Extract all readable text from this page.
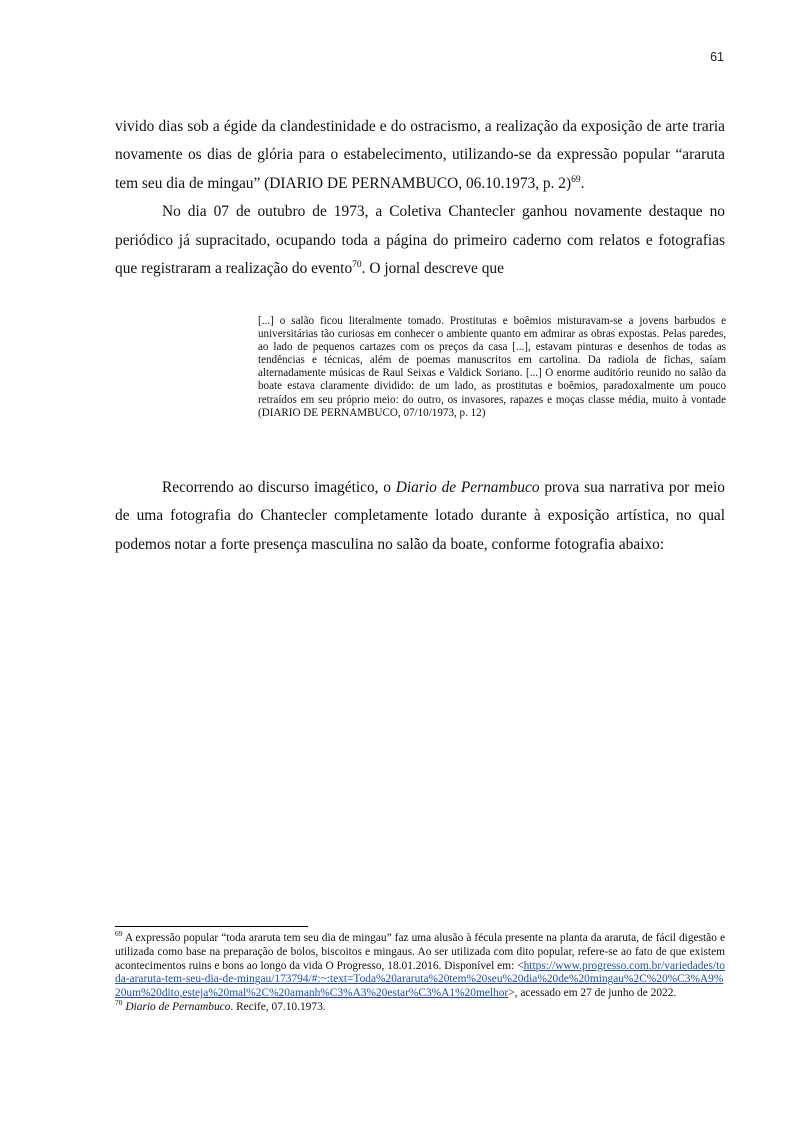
61

vivido dias sob a égide da clandestinidade e do ostracismo, a realização da exposição de arte traria novamente os dias de glória para o estabelecimento, utilizando-se da expressão popular “araruta tem seu dia de mingau” (DIARIO DE PERNAMBUCO, 06.10.1973, p. 2)$^{69}$.

No dia 07 de outubro de 1973, a Coletiva Chantecler ganhou novamente destaque no periódico já supracitado, ocupando toda a página do primeiro caderno com relatos e fotografias que registraram a realização do evento$^{70}$. O jornal descreve que

[...] o salão ficou literalmente tomado. Prostitutas e boêmios misturavam-se a jovens barbudos e universitárias tão curiosas em conhecer o ambiente quanto em admirar as obras expostas. Pelas paredes, ao lado de pequenos cartazes com os preços da casa [...], estavam pinturas e desenhos de todas as tendências e técnicas, além de poemas manuscritos em cartolina. Da radiola de fichas, saíam alternadamente músicas de Raul Seixas e Valdick Soriano. [...] O enorme auditório reunido no salão da boate estava claramente dividido: de um lado, as prostitutas e boêmios, paradoxalmente um pouco retraídos em seu próprio meio: do outro, os invasores, rapazes e moças classe média, muito à vontade (DIARIO DE PERNAMBUCO, 07/10/1973, p. 12)

Recorrendo ao discurso imagético, o Diario de Pernambuco prova sua narrativa por meio de uma fotografia do Chantecler completamente lotado durante à exposição artística, no qual podemos notar a forte presença masculina no salão da boate, conforme fotografia abaixo:

$^{69}$ A expressão popular “toda araruta tem seu dia de mingau” faz uma alusão à fécula presente na planta da araruta, de fácil digestão e utilizada como base na preparação de bolos, biscoitos e mingaus. Ao ser utilizada com dito popular, refere-se ao fato de que existem acontecimentos ruins e bons ao longo da vida O Progresso, 18.01.2016. Disponível em: <https://www.progresso.com.br/variedades/toda-araruta-tem-seu-dia-de-mingau/173794/#:~:text=Toda%20araruta%20tem%20seu%20dia%20de%20mingau%2C%20%C3%A9%20um%20dito,esteja%20mal%2C%20amanh%C3%A3%20estar%C3%A1%20melhor>, acessado em 27 de junho de 2022.

$^{70}$ Diario de Pernambuco. Recife, 07.10.1973.
